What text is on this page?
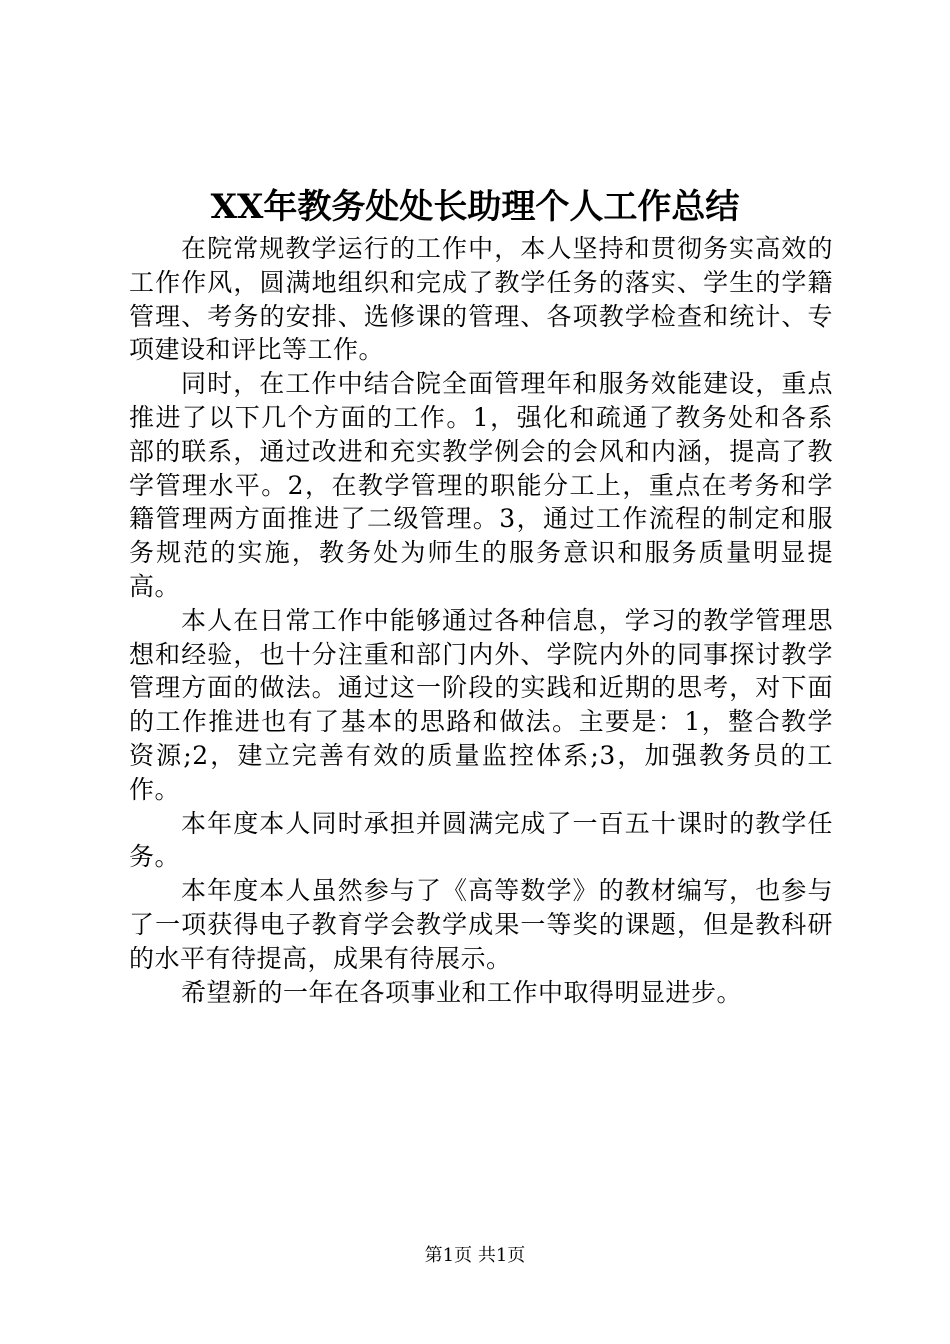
XX年教务处处长助理个人工作总结

在院常规教学运行的工作中，本人坚持和贯彻务实高效的工作作风，圆满地组织和完成了教学任务的落实、学生的学籍管理、考务的安排、选修课的管理、各项教学检查和统计、专项建设和评比等工作。

同时，在工作中结合院全面管理年和服务效能建设，重点推进了以下几个方面的工作。1，强化和疏通了教务处和各系部的联系，通过改进和充实教学例会的会风和内涵，提高了教学管理水平。2，在教学管理的职能分工上，重点在考务和学籍管理两方面推进了二级管理。3，通过工作流程的制定和服务规范的实施，教务处为师生的服务意识和服务质量明显提高。

本人在日常工作中能够通过各种信息，学习的教学管理思想和经验，也十分注重和部门内外、学院内外的同事探讨教学管理方面的做法。通过这一阶段的实践和近期的思考，对下面的工作推进也有了基本的思路和做法。主要是：1，整合教学资源;2，建立完善有效的质量监控体系;3，加强教务员的工作。

本年度本人同时承担并圆满完成了一百五十课时的教学任务。

本年度本人虽然参与了《高等数学》的教材编写，也参与了一项获得电子教育学会教学成果一等奖的课题，但是教科研的水平有待提高，成果有待展示。

希望新的一年在各项事业和工作中取得明显进步。

第1页 共1页
